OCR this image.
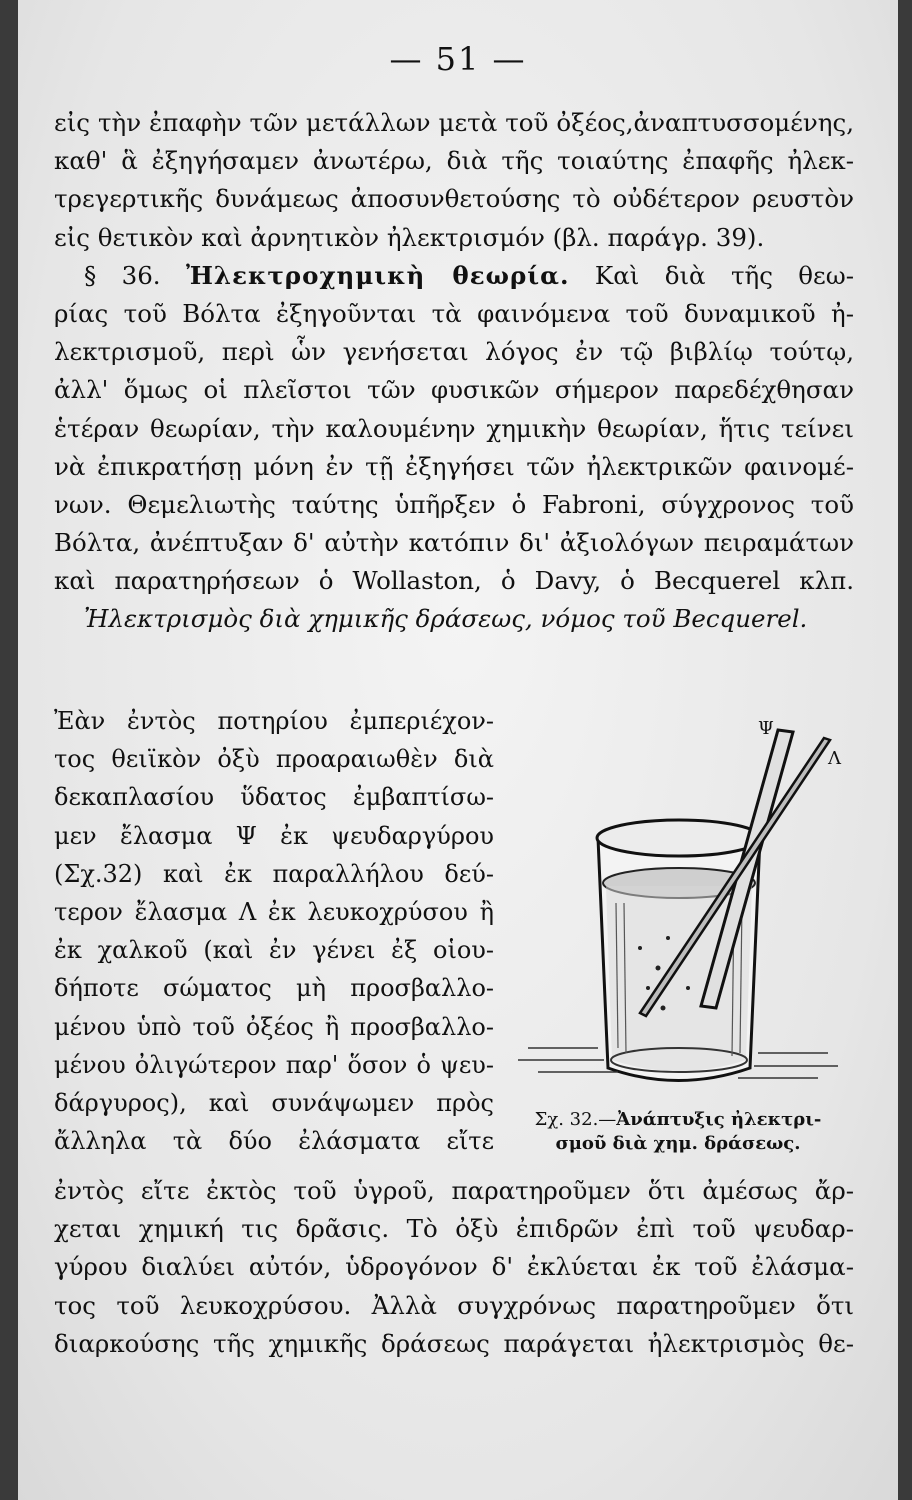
— 51 —
εἰς τὴν ἐπαφὴν τῶν μετάλλων μετὰ τοῦ ὀξέος,ἀναπτυσσομένης,
καθ' ἃ ἐξηγήσαμεν ἀνωτέρω, διὰ τῆς τοιαύτης ἐπαφῆς ἠλεκ-
τρεγερτικῆς δυνάμεως ἀποσυνθετούσης τὸ οὐδέτερον ρευστὸν
εἰς θετικὸν καὶ ἀρνητικὸν ἠλεκτρισμόν (βλ. παράγρ. 39).
§ 36. Ἠλεκτροχημικὴ θεωρία. Καὶ διὰ τῆς θεω-
ρίας τοῦ Βόλτα ἐξηγοῦνται τὰ φαινόμενα τοῦ δυναμικοῦ ἠ-
λεκτρισμοῦ, περὶ ὧν γενήσεται λόγος ἐν τῷ βιβλίῳ τούτῳ,
ἀλλ' ὅμως οἱ πλεῖστοι τῶν φυσικῶν σήμερον παρεδέχθησαν
ἑτέραν θεωρίαν, τὴν καλουμένην χημικὴν θεωρίαν, ἥτις τείνει
νὰ ἐπικρατήσῃ μόνη ἐν τῇ ἐξηγήσει τῶν ἠλεκτρικῶν φαινομέ-
νων. Θεμελιωτὴς ταύτης ὑπῆρξεν ὁ Fabroni, σύγχρονος τοῦ
Βόλτα, ἀνέπτυξαν δ' αὐτὴν κατόπιν δι' ἀξιολόγων πειραμάτων
καὶ παρατηρήσεων ὁ Wollaston, ὁ Davy, ὁ Becquerel κλπ.
Ἠλεκτρισμὸς διὰ χημικῆς δράσεως, νόμος τοῦ Becquerel.
Ἐὰν ἐντὸς ποτηρίου ἐμπεριέχον-
τος θειϊκὸν ὀξὺ προαραιωθὲν διὰ
δεκαπλασίου ὕδατος ἐμβαπτίσω-
μεν ἔλασμα Ψ ἐκ ψευδαργύρου
(Σχ.32) καὶ ἐκ παραλλήλου δεύ-
τερον ἔλασμα Λ ἐκ λευκοχρύσου ἢ
ἐκ χαλκοῦ (καὶ ἐν γένει ἐξ οἱου-
δήποτε σώματος μὴ προσβαλλο-
μένου ὑπὸ τοῦ ὀξέος ἢ προσβαλλο-
μένου ὀλιγώτερον παρ' ὅσον ὁ ψευ-
δάργυρος), καὶ συνάψωμεν πρὸς
ἄλληλα τὰ δύο ἐλάσματα εἴτε
Ψ
Λ
Σχ. 32.—Ἀνάπτυξις ἠλεκτρι-
σμοῦ διὰ χημ. δράσεως.
ἐντὸς εἴτε ἐκτὸς τοῦ ὑγροῦ, παρατηροῦμεν ὅτι ἀμέσως ἄρ-
χεται χημική τις δρᾶσις. Τὸ ὀξὺ ἐπιδρῶν ἐπὶ τοῦ ψευδαρ-
γύρου διαλύει αὐτόν, ὑδρογόνον δ' ἐκλύεται ἐκ τοῦ ἐλάσμα-
τος τοῦ λευκοχρύσου. Ἀλλὰ συγχρόνως παρατηροῦμεν ὅτι
διαρκούσης τῆς χημικῆς δράσεως παράγεται ἠλεκτρισμὸς θε-
